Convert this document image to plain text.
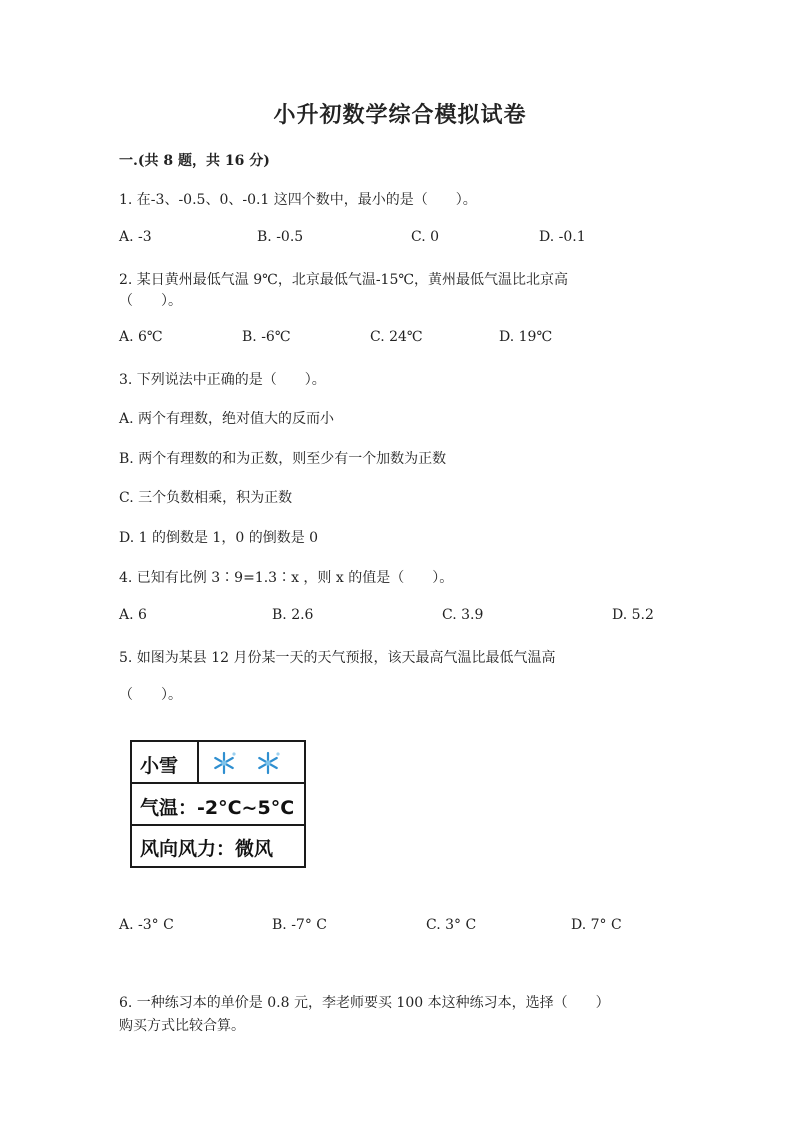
小升初数学综合模拟试卷
一.(共 8 题，共 16 分)
1. 在-3、-0.5、0、-0.1 这四个数中，最小的是（　　）。
A. -3	B. -0.5	C. 0	D. -0.1
2. 某日黄州最低气温 9℃，北京最低气温-15℃，黄州最低气温比北京高
（　　）。
A. 6℃	B. -6℃	C. 24℃	D. 19℃
3. 下列说法中正确的是（　　）。
A. 两个有理数，绝对值大的反而小
B. 两个有理数的和为正数，则至少有一个加数为正数
C. 三个负数相乘，积为正数
D. 1 的倒数是 1，0 的倒数是 0
4. 已知有比例 3∶9=1.3∶x ，则 x 的值是（　　）。
A. 6	B. 2.6	C. 3.9	D. 5.2
5. 如图为某县 12 月份某一天的天气预报，该天最高气温比最低气温高
（　　）。
小雪
气温：-2°C~5°C
风向风力：微风
A. -3° C	B. -7° C	C. 3° C	D. 7° C
6. 一种练习本的单价是 0.8 元，李老师要买 100 本这种练习本，选择（　　）
购买方式比较合算。
